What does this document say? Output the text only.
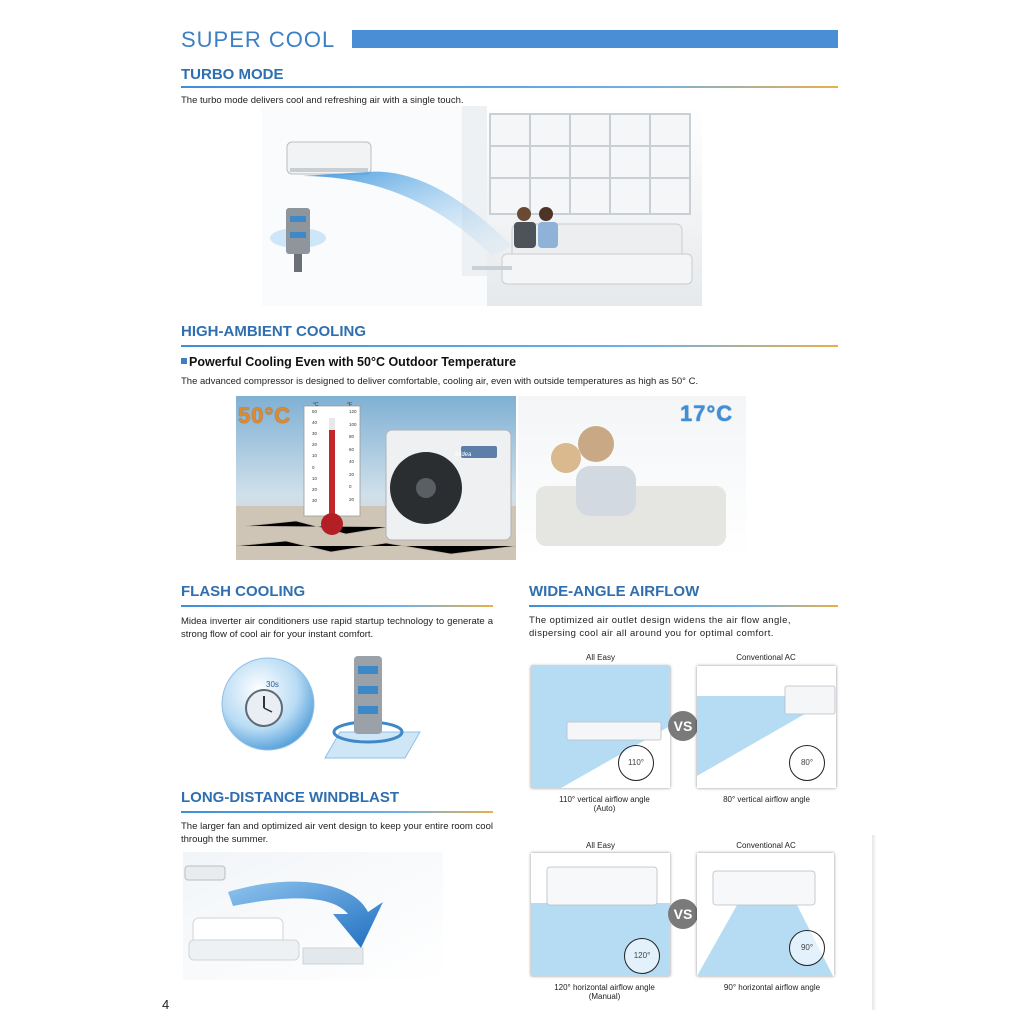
SUPER COOL
TURBO MODE
The turbo mode delivers cool and refreshing air with a single touch.
HIGH-AMBIENT COOLING
Powerful Cooling Even with 50°C Outdoor Temperature
The advanced compressor is designed to deliver comfortable, cooling air, even with outside temperatures as high as 50° C.
°C	°F
50
40
30
20
10
0
10
20
30
120
100
80
60
40
20
0
20
Midea
50°C	17°C
FLASH COOLING
Midea inverter air conditioners use rapid startup technology to generate a strong flow of cool air for your instant comfort.
30s
LONG-DISTANCE WINDBLAST
The larger fan and optimized air vent design to keep your entire room cool through the summer.
WIDE-ANGLE AIRFLOW
The optimized air outlet design widens the air flow angle, dispersing cool air all around you for optimal comfort.
All Easy	Conventional AC
110°
VS
80°
110° vertical airflow angle
(Auto)
80° vertical airflow angle
All Easy	Conventional AC
120°
VS
90°
120° horizontal airflow angle
(Manual)
90° horizontal airflow angle
4
